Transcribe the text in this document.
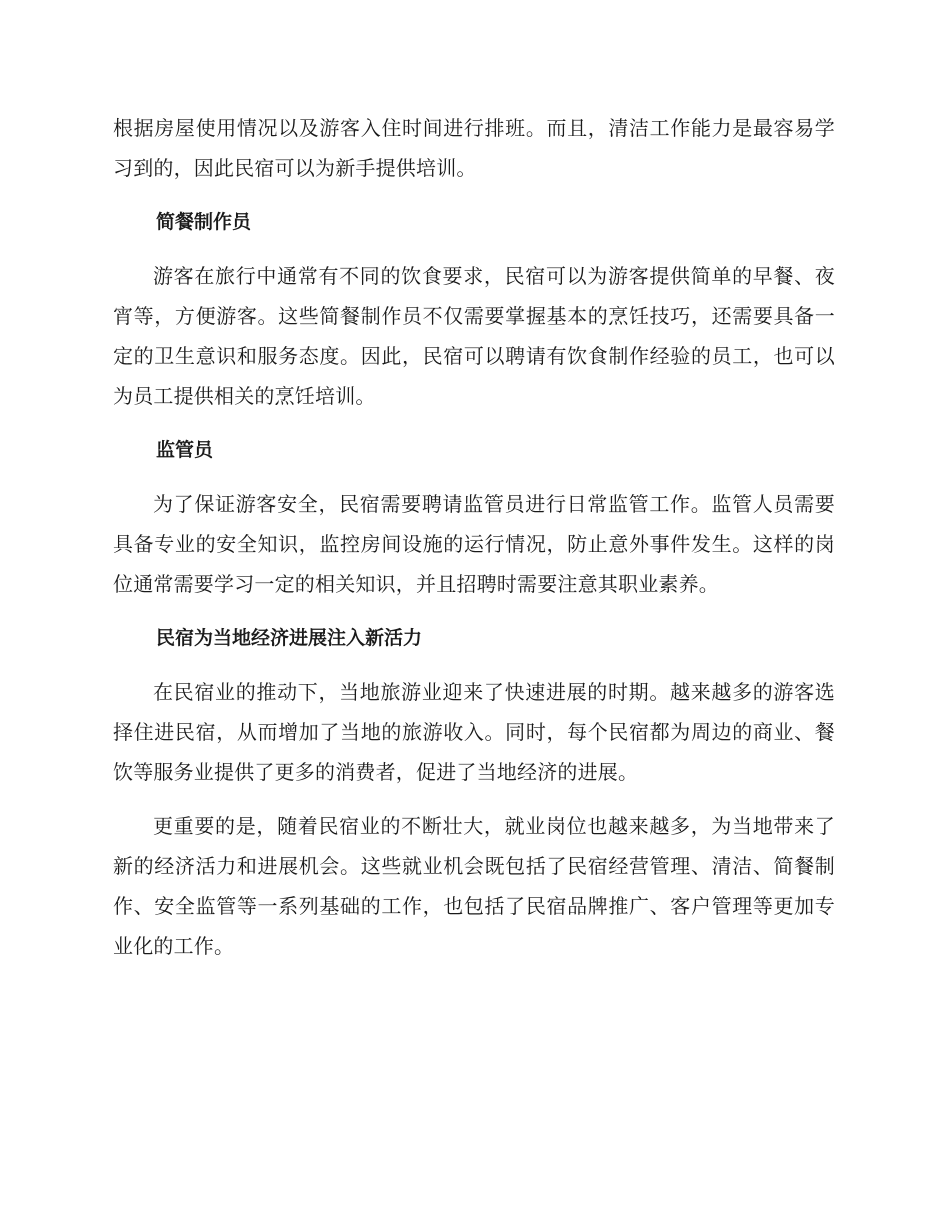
根据房屋使用情况以及游客入住时间进行排班。而且，清洁工作能力是最容易学习到的，因此民宿可以为新手提供培训。

简餐制作员

游客在旅行中通常有不同的饮食要求，民宿可以为游客提供简单的早餐、夜宵等，方便游客。这些简餐制作员不仅需要掌握基本的烹饪技巧，还需要具备一定的卫生意识和服务态度。因此，民宿可以聘请有饮食制作经验的员工，也可以为员工提供相关的烹饪培训。

监管员

为了保证游客安全，民宿需要聘请监管员进行日常监管工作。监管人员需要具备专业的安全知识，监控房间设施的运行情况，防止意外事件发生。这样的岗位通常需要学习一定的相关知识，并且招聘时需要注意其职业素养。

民宿为当地经济进展注入新活力

在民宿业的推动下，当地旅游业迎来了快速进展的时期。越来越多的游客选择住进民宿，从而增加了当地的旅游收入。同时，每个民宿都为周边的商业、餐饮等服务业提供了更多的消费者，促进了当地经济的进展。

更重要的是，随着民宿业的不断壮大，就业岗位也越来越多，为当地带来了新的经济活力和进展机会。这些就业机会既包括了民宿经营管理、清洁、简餐制作、安全监管等一系列基础的工作，也包括了民宿品牌推广、客户管理等更加专业化的工作。
